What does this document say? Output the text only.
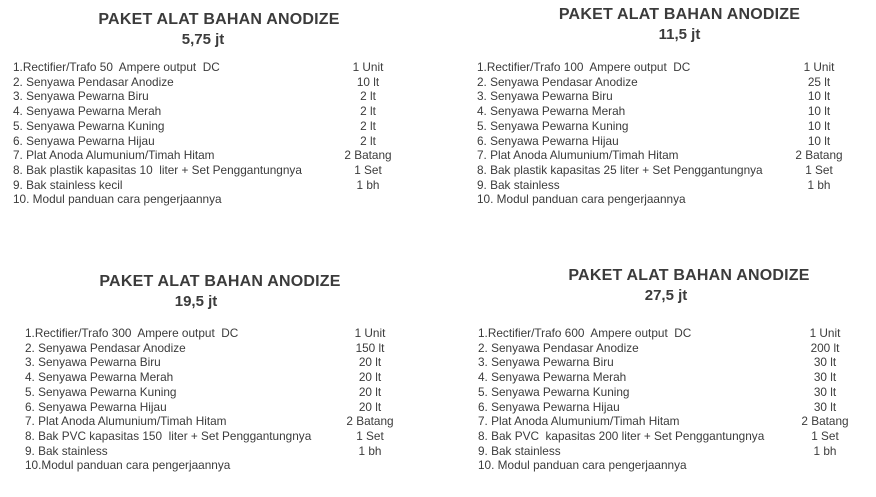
PAKET ALAT BAHAN ANODIZE
5,75 jt
1.Rectifier/Trafo 50  Ampere output  DC	1 Unit
2. Senyawa Pendasar Anodize	10 lt
3. Senyawa Pewarna Biru	2 lt
4. Senyawa Pewarna Merah	2 lt
5. Senyawa Pewarna Kuning	2 lt
6. Senyawa Pewarna Hijau	2 lt
7. Plat Anoda Alumunium/Timah Hitam	2 Batang
8. Bak plastik kapasitas 10  liter + Set Penggantungnya	1 Set
9. Bak stainless kecil	1 bh
10. Modul panduan cara pengerjaannya
PAKET ALAT BAHAN ANODIZE
11,5 jt
1.Rectifier/Trafo 100  Ampere output  DC	1 Unit
2. Senyawa Pendasar Anodize	25 lt
3. Senyawa Pewarna Biru	10 lt
4. Senyawa Pewarna Merah	10 lt
5. Senyawa Pewarna Kuning	10 lt
6. Senyawa Pewarna Hijau	10 lt
7. Plat Anoda Alumunium/Timah Hitam	2 Batang
8. Bak plastik kapasitas 25 liter + Set Penggantungnya	1 Set
9. Bak stainless	1 bh
10. Modul panduan cara pengerjaannya
PAKET ALAT BAHAN ANODIZE
19,5 jt
1.Rectifier/Trafo 300  Ampere output  DC	1 Unit
2. Senyawa Pendasar Anodize	150 lt
3. Senyawa Pewarna Biru	20 lt
4. Senyawa Pewarna Merah	20 lt
5. Senyawa Pewarna Kuning	20 lt
6. Senyawa Pewarna Hijau	20 lt
7. Plat Anoda Alumunium/Timah Hitam	2 Batang
8. Bak PVC kapasitas 150  liter + Set Penggantungnya	1 Set
9. Bak stainless	1 bh
10.Modul panduan cara pengerjaannya
PAKET ALAT BAHAN ANODIZE
27,5 jt
1.Rectifier/Trafo 600  Ampere output  DC	1 Unit
2. Senyawa Pendasar Anodize	200 lt
3. Senyawa Pewarna Biru	30 lt
4. Senyawa Pewarna Merah	30 lt
5. Senyawa Pewarna Kuning	30 lt
6. Senyawa Pewarna Hijau	30 lt
7. Plat Anoda Alumunium/Timah Hitam	2 Batang
8. Bak PVC  kapasitas 200 liter + Set Penggantungnya	1 Set
9. Bak stainless	1 bh
10. Modul panduan cara pengerjaannya
